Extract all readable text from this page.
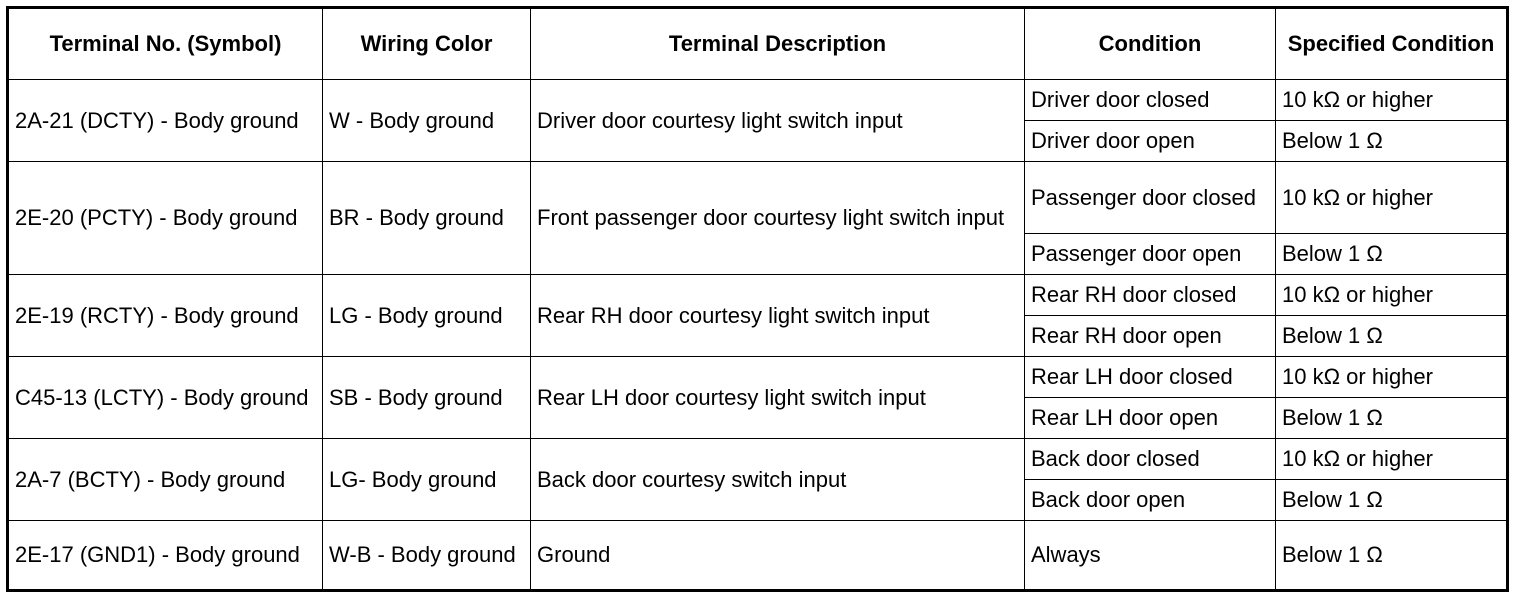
Terminal No. (Symbol)	Wiring Color	Terminal Description	Condition	Specified Condition
2A-21 (DCTY) - Body ground	W - Body ground	Driver door courtesy light switch input	Driver door closed	10 kΩ or higher
			Driver door open	Below 1 Ω
2E-20 (PCTY) - Body ground	BR - Body ground	Front passenger door courtesy light switch input	Passenger door closed	10 kΩ or higher
			Passenger door open	Below 1 Ω
2E-19 (RCTY) - Body ground	LG - Body ground	Rear RH door courtesy light switch input	Rear RH door closed	10 kΩ or higher
			Rear RH door open	Below 1 Ω
C45-13 (LCTY) - Body ground	SB - Body ground	Rear LH door courtesy light switch input	Rear LH door closed	10 kΩ or higher
			Rear LH door open	Below 1 Ω
2A-7 (BCTY) - Body ground	LG- Body ground	Back door courtesy switch input	Back door closed	10 kΩ or higher
			Back door open	Below 1 Ω
2E-17 (GND1) - Body ground	W-B - Body ground	Ground	Always	Below 1 Ω
